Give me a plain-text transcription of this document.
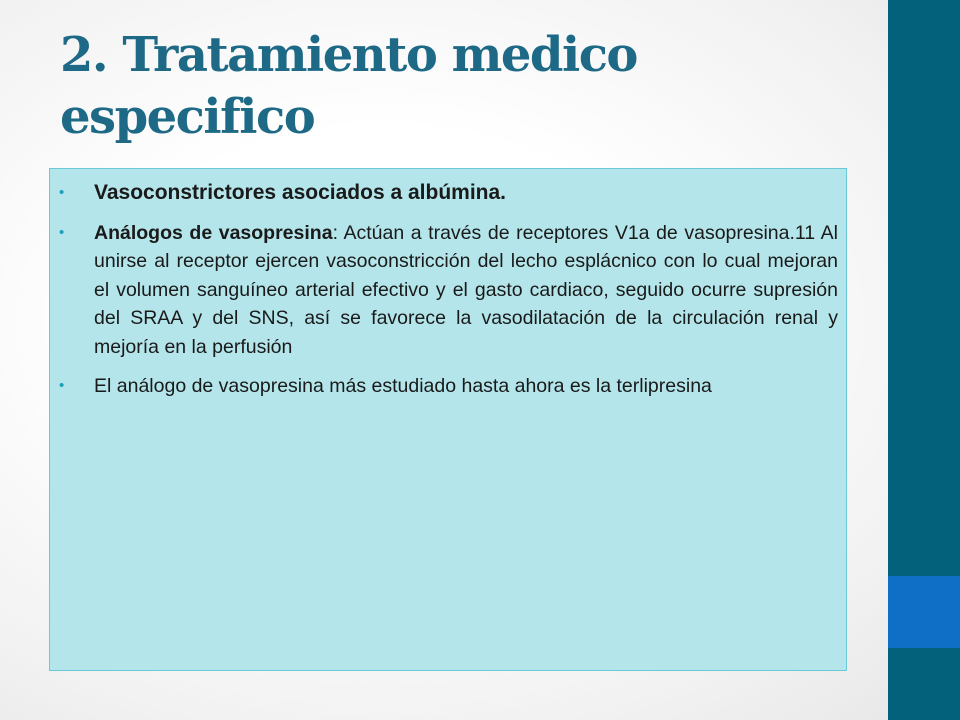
2. Tratamiento medico especifico
• Vasoconstrictores asociados a albúmina.
• Análogos de vasopresina: Actúan a través de receptores V1a de vasopresina.11 Al unirse al receptor ejercen vasoconstricción del lecho esplácnico con lo cual mejoran el volumen sanguíneo arterial efectivo y el gasto cardiaco, seguido ocurre supresión del SRAA y del SNS, así se favorece la vasodilatación de la circulación renal y mejoría en la perfusión
• El análogo de vasopresina más estudiado hasta ahora es la terlipresina
